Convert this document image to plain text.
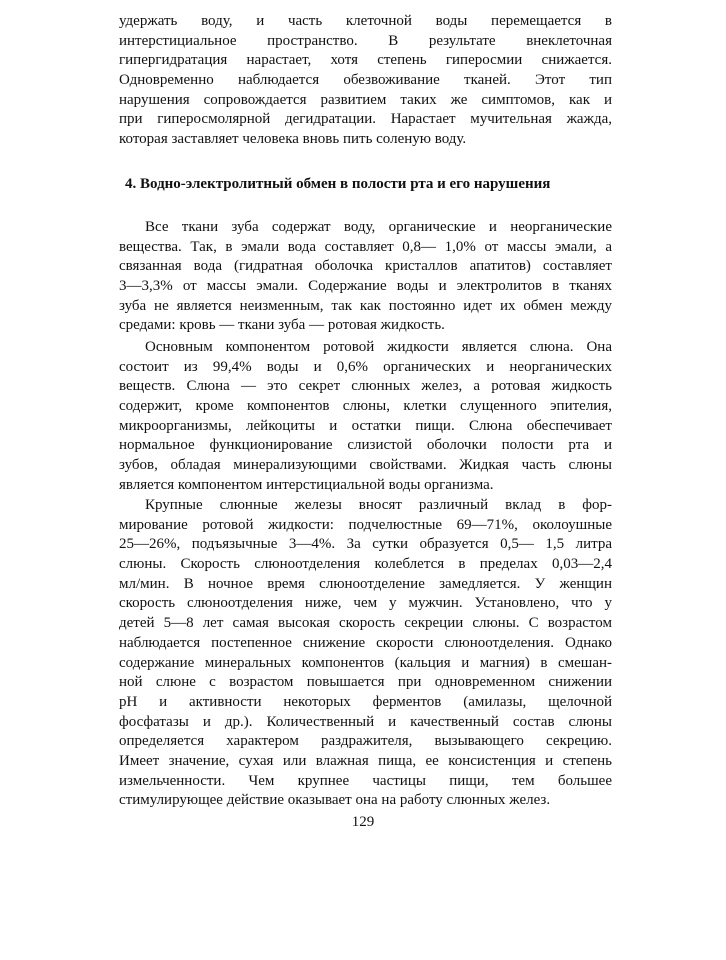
удержать воду, и часть клеточной воды перемещается в
интерстициальное пространство. В результате внеклеточная
гипергидратация нарастает, хотя степень гиперосмии снижается.
Одновременно наблюдается обезвоживание тканей. Этот тип
нарушения сопровождается развитием таких же симптомов, как и
при гиперосмолярной дегидратации. Нарастает мучительная жажда,
которая заставляет человека вновь пить соленую воду.
4. Водно-электролитный обмен в полости рта и его нарушения
Все ткани зуба содержат воду, органические и неорганические
вещества. Так, в эмали вода составляет 0,8— 1,0% от массы эмали, а
связанная вода (гидратная оболочка кристаллов апатитов) составляет
3—3,3% от массы эмали. Содержание воды и электролитов в тканях
зуба не является неизменным, так как постоянно идет их обмен между
средами: кровь — ткани зуба — ротовая жидкость.
Основным компонентом ротовой жидкости является слюна. Она
состоит из 99,4% воды и 0,6% органических и неорганических
веществ. Слюна — это секрет слюнных желез, а ротовая жидкость
содержит, кроме компонентов слюны, клетки слущенного эпителия,
микроорганизмы, лейкоциты и остатки пищи. Слюна обеспечивает
нормальное функционирование слизистой оболочки полости рта и
зубов, обладая минерализующими свойствами. Жидкая часть слюны
является компонентом интерстициальной воды организма.
Крупные слюнные железы вносят различный вклад в фор-
мирование ротовой жидкости: подчелюстные 69—71%, околоушные
25—26%, подъязычные 3—4%. За сутки образуется 0,5— 1,5 литра
слюны. Скорость слюноотделения колеблется в пределах 0,03—2,4
мл/мин. В ночное время слюноотделение замедляется. У женщин
скорость слюноотделения ниже, чем у мужчин. Установлено, что у
детей 5—8 лет самая высокая скорость секреции слюны. С возрастом
наблюдается постепенное снижение скорости слюноотделения. Однако
содержание минеральных компонентов (кальция и магния) в смешан-
ной слюне с возрастом повышается при одновременном снижении
pH и активности некоторых ферментов (амилазы, щелочной
фосфатазы и др.). Количественный и качественный состав слюны
определяется характером раздражителя, вызывающего секрецию.
Имеет значение, сухая или влажная пища, ее консистенция и степень
измельченности. Чем крупнее частицы пищи, тем большее
стимулирующее действие оказывает она на работу слюнных желез.
129
